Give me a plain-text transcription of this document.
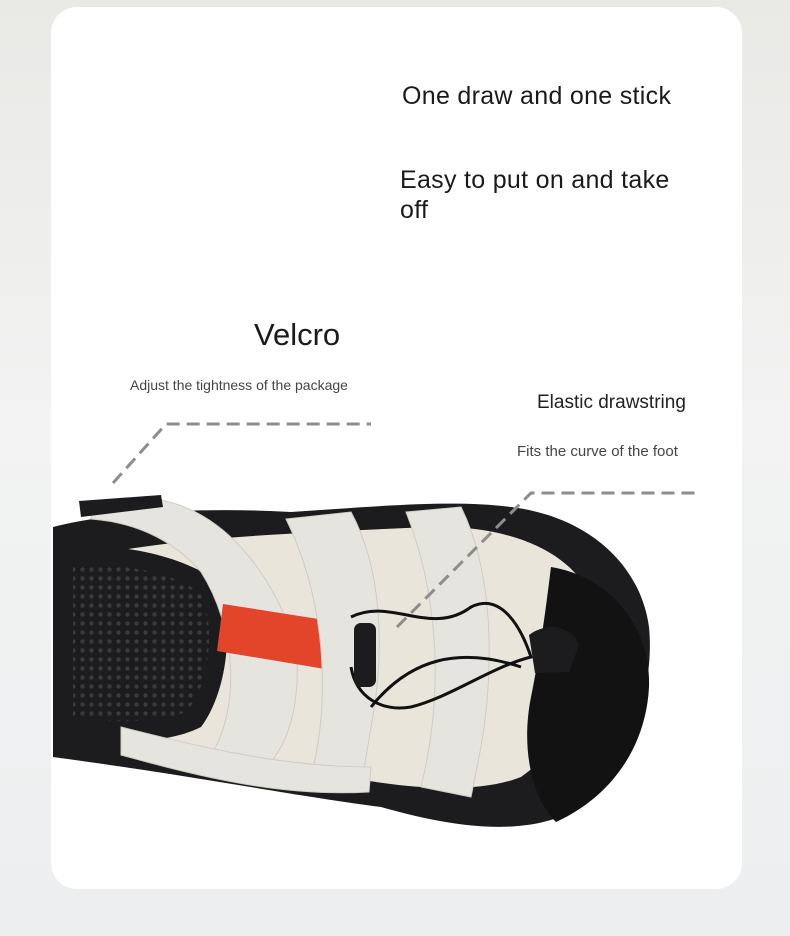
One draw and one stick

Easy to put on and take off

Velcro

Adjust the tightness of the package

Elastic drawstring

Fits the curve of the foot
